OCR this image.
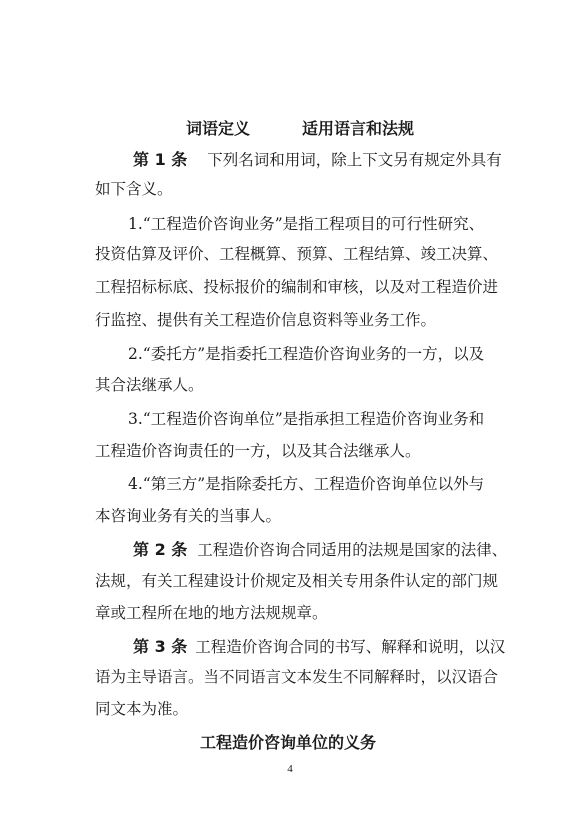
词语定义	适用语言和法规
第 1 条 下列名词和用词，除上下文另有规定外具有
如下含义。
1.“工程造价咨询业务”是指工程项目的可行性研究、
投资估算及评价、工程概算、预算、工程结算、竣工决算、
工程招标标底、投标报价的编制和审核，以及对工程造价进
行监控、提供有关工程造价信息资料等业务工作。
2.“委托方”是指委托工程造价咨询业务的一方，以及
其合法继承人。
3.“工程造价咨询单位”是指承担工程造价咨询业务和
工程造价咨询责任的一方，以及其合法继承人。
4.“第三方”是指除委托方、工程造价咨询单位以外与
本咨询业务有关的当事人。
第 2 条 工程造价咨询合同适用的法规是国家的法律、
法规，有关工程建设计价规定及相关专用条件认定的部门规
章或工程所在地的地方法规规章。
第 3 条 工程造价咨询合同的书写、解释和说明，以汉
语为主导语言。当不同语言文本发生不同解释时，以汉语合
同文本为准。
工程造价咨询单位的义务
4
